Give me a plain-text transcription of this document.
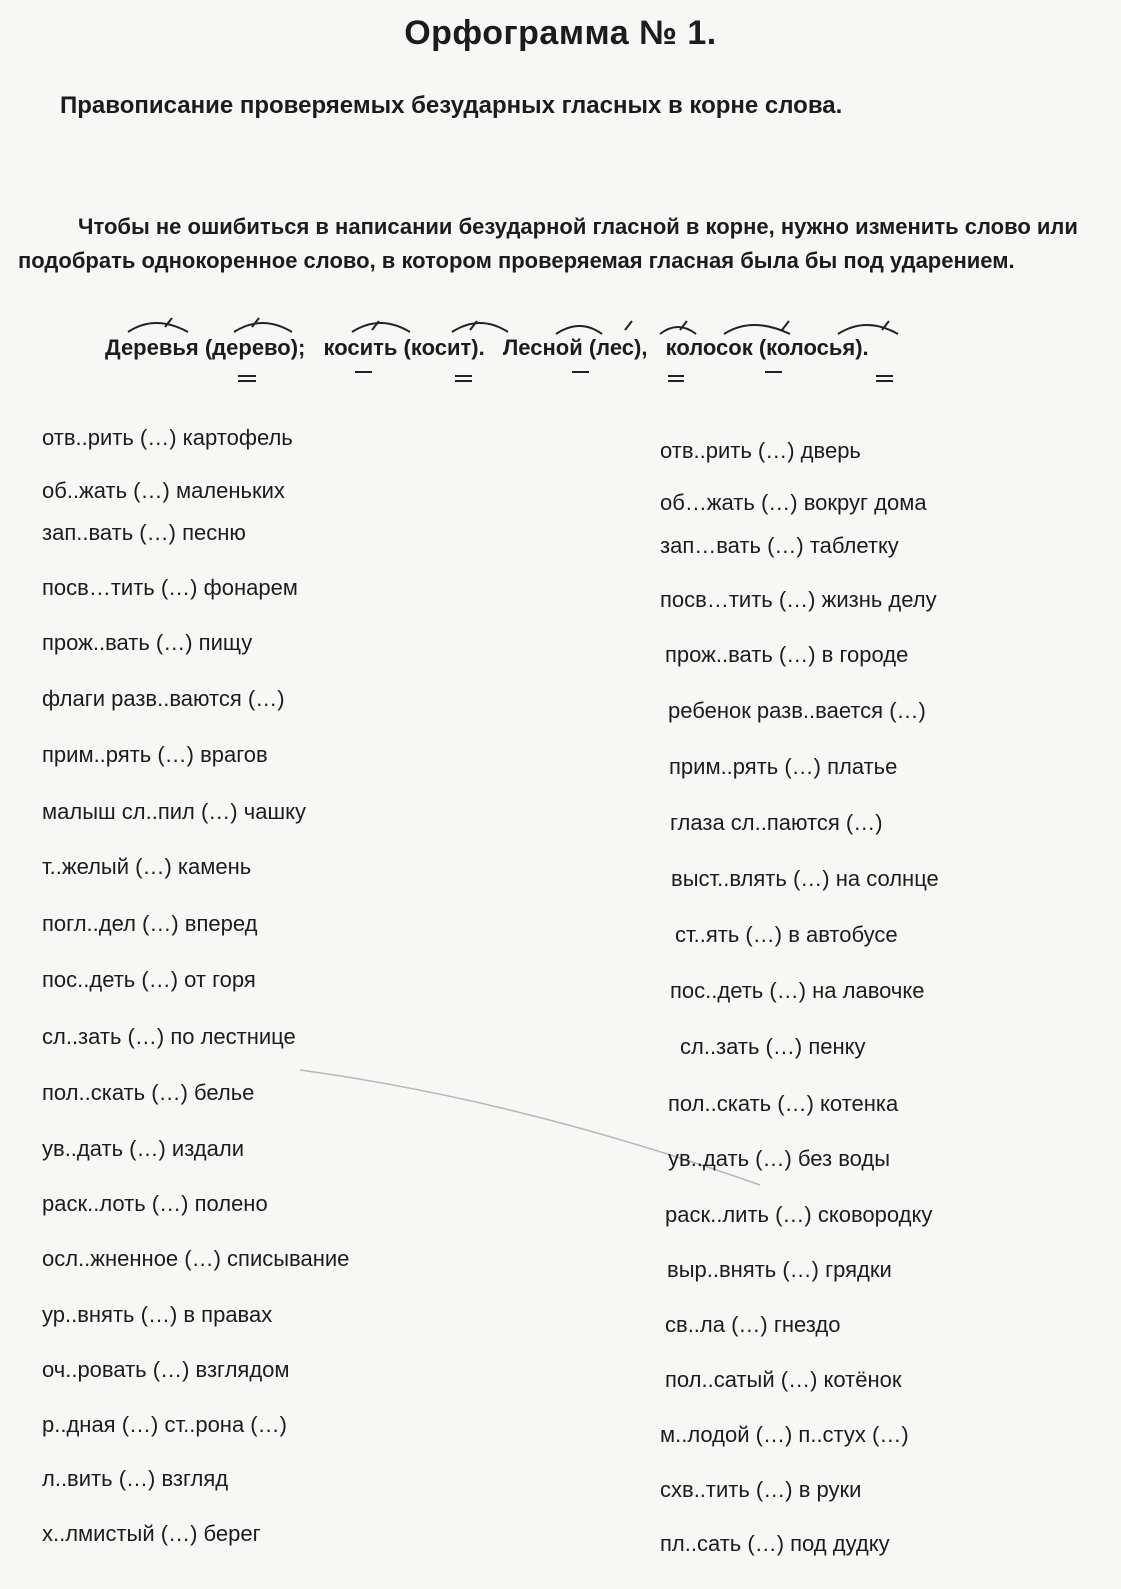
Орфограмма № 1.
Правописание проверяемых безударных гласных в корне слова.
Чтобы не ошибиться в написании безударной гласной в корне, нужно изменить слово или подобрать однокоренное слово, в котором проверяемая гласная была бы под ударением.
Деревья (дерево); косить (косит). Лесной (лес), колосок (колосья).
отв..рить (…) картофель
об..жать (…) маленьких
зап..вать (…) песню
посв…тить (…) фонарем
прож..вать (…) пищу
флаги разв..ваются (…)
прим..рять (…) врагов
малыш сл..пил (…) чашку
т..желый (…) камень
погл..дел (…) вперед
пос..деть (…) от горя
сл..зать (…) по лестнице
пол..скать (…) белье
ув..дать (…) издали
раск..лоть (…) полено
осл..жненное (…) списывание
ур..внять (…) в правах
оч..ровать (…) взглядом
р..дная (…) ст..рона (…)
л..вить (…) взгляд
х..лмистый (…) берег
отв..рить (…) дверь
об…жать (…) вокруг дома
зап…вать (…) таблетку
посв…тить (…) жизнь делу
прож..вать (…) в городе
ребенок разв..вается (…)
прим..рять (…) платье
глаза сл..паются (…)
выст..влять (…) на солнце
ст..ять (…) в автобусе
пос..деть (…) на лавочке
сл..зать (…) пенку
пол..скать (…) котенка
ув..дать (…) без воды
раск..лить (…) сковородку
выр..внять (…) грядки
св..ла (…) гнездо
пол..сатый (…) котёнок
м..лодой (…) п..стух (…)
схв..тить (…) в руки
пл..сать (…) под дудку
